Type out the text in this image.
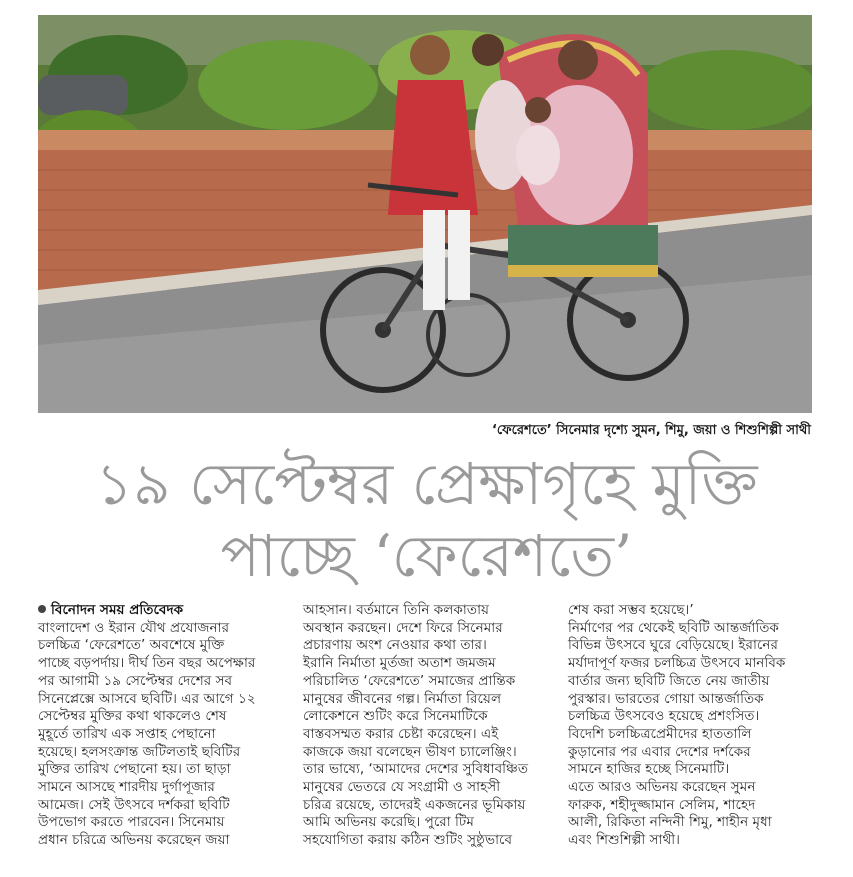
‘ফেরেশতে’ সিনেমার দৃশ্যে সুমন, শিমু, জয়া ও শিশুশিল্পী সাথী
১৯ সেপ্টেম্বর প্রেক্ষাগৃহে মুক্তি
পাচ্ছে ‘ফেরেশতে’

বিনোদন সময় প্রতিবেদক

বাংলাদেশ ও ইরান যৌথ প্রযোজনার

চলচ্চিত্র ‘ফেরেশতে’ অবশেষে মুক্তি

পাচ্ছে বড়পর্দায়। দীর্ঘ তিন বছর অপেক্ষার

পর আগামী ১৯ সেপ্টেম্বর দেশের সব

সিনেপ্লেক্সে আসবে ছবিটি। এর আগে ১২

সেপ্টেম্বর মুক্তির কথা থাকলেও শেষ

মুহূর্তে তারিখ এক সপ্তাহ পেছানো

হয়েছে। হলসংক্রান্ত জটিলতাই ছবিটির

মুক্তির তারিখ পেছানো হয়। তা ছাড়া

সামনে আসছে শারদীয় দুর্গাপূজার

আমেজ। সেই উৎসবে দর্শকরা ছবিটি

উপভোগ করতে পারবেন। সিনেমায়

প্রধান চরিত্রে অভিনয় করেছেন জয়া

আহসান। বর্তমানে তিনি কলকাতায়

অবস্থান করছেন। দেশে ফিরে সিনেমার

প্রচারণায় অংশ নেওয়ার কথা তার।

ইরানি নির্মাতা মুর্তজা অতাশ জমজম

পরিচালিত ‘ফেরেশতে’ সমাজের প্রান্তিক

মানুষের জীবনের গল্প। নির্মাতা রিয়েল

লোকেশনে শুটিং করে সিনেমাটিকে

বাস্তবসম্মত করার চেষ্টা করেছেন। এই

কাজকে জয়া বলেছেন ভীষণ চ্যালেঞ্জিং।

তার ভাষ্যে, ‘আমাদের দেশের সুবিধাবঞ্চিত

মানুষের ভেতরে যে সংগ্রামী ও সাহসী

চরিত্র রয়েছে, তাদেরই একজনের ভূমিকায়

আমি অভিনয় করেছি। পুরো টিম

সহযোগিতা করায় কঠিন শুটিং সুষ্ঠুভাবে

শেষ করা সম্ভব হয়েছে।’

নির্মাণের পর থেকেই ছবিটি আন্তর্জাতিক

বিভিন্ন উৎসবে ঘুরে বেড়িয়েছে। ইরানের

মর্যাদাপূর্ণ ফজর চলচ্চিত্র উৎসবে মানবিক

বার্তার জন্য ছবিটি জিতে নেয় জাতীয়

পুরস্কার। ভারতের গোয়া আন্তর্জাতিক

চলচ্চিত্র উৎসবেও হয়েছে প্রশংসিত।

বিদেশি চলচ্চিত্রপ্রেমীদের হাততালি

কুড়ানোর পর এবার দেশের দর্শকের

সামনে হাজির হচ্ছে সিনেমাটি।

এতে আরও অভিনয় করেছেন সুমন

ফারুক, শহীদুজ্জামান সেলিম, শাহেদ

আলী, রিকিতা নন্দিনী শিমু, শাহীন মৃধা

এবং শিশুশিল্পী সাথী।
